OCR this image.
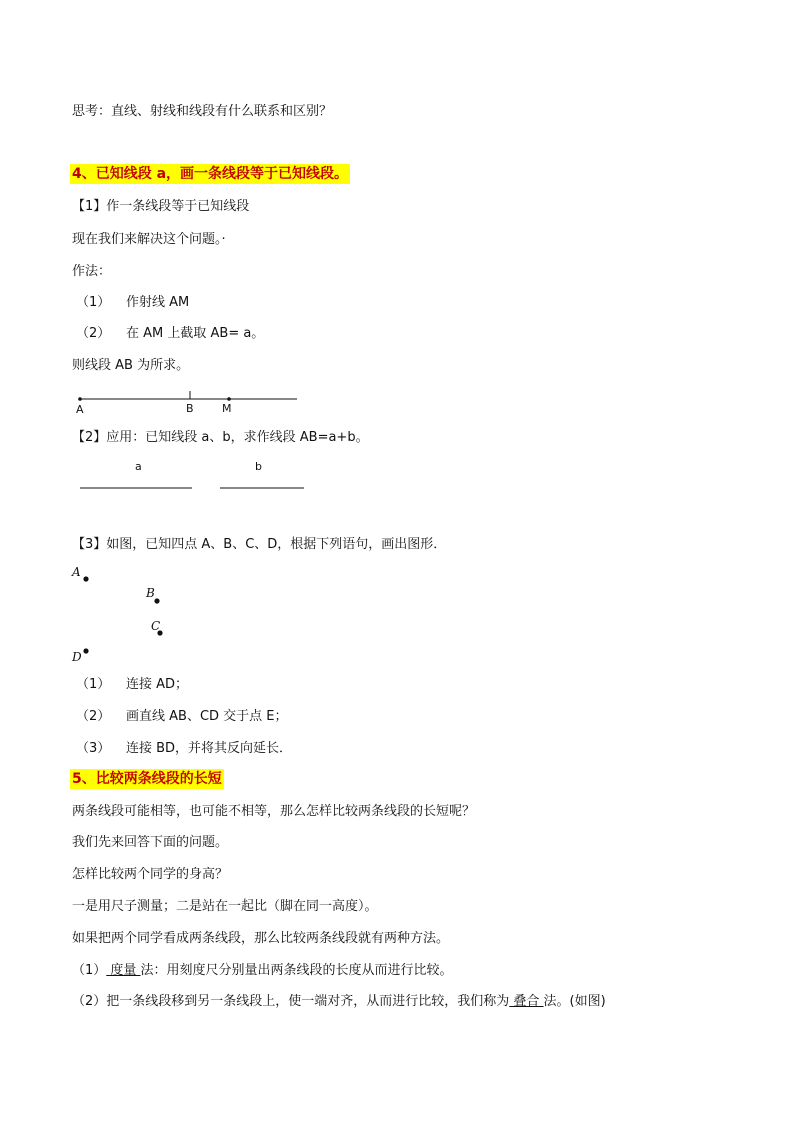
思考：直线、射线和线段有什么联系和区别？
4、已知线段 a，画一条线段等于已知线段。
【1】作一条线段等于已知线段
现在我们来解决这个问题。·
作法：
（1） 作射线 AM
（2） 在 AM 上截取 AB= a。
则线段 AB 为所求。
A	B	M
a	b
A
B
C
D
【2】应用：已知线段 a、b，求作线段 AB=a+b。
【3】如图，已知四点 A、B、C、D，根据下列语句，画出图形．
（1） 连接 AD；
（2） 画直线 AB、CD 交于点 E；
（3） 连接 BD，并将其反向延长．
5、比较两条线段的长短
两条线段可能相等，也可能不相等，那么怎样比较两条线段的长短呢？
我们先来回答下面的问题。
怎样比较两个同学的身高？
一是用尺子测量；二是站在一起比（脚在同一高度）。
如果把两个同学看成两条线段，那么比较两条线段就有两种方法。
（1） 度量 法：用刻度尺分别量出两条线段的长度从而进行比较。
（2）把一条线段移到另一条线段上，使一端对齐，从而进行比较，我们称为 叠合 法。(如图)
